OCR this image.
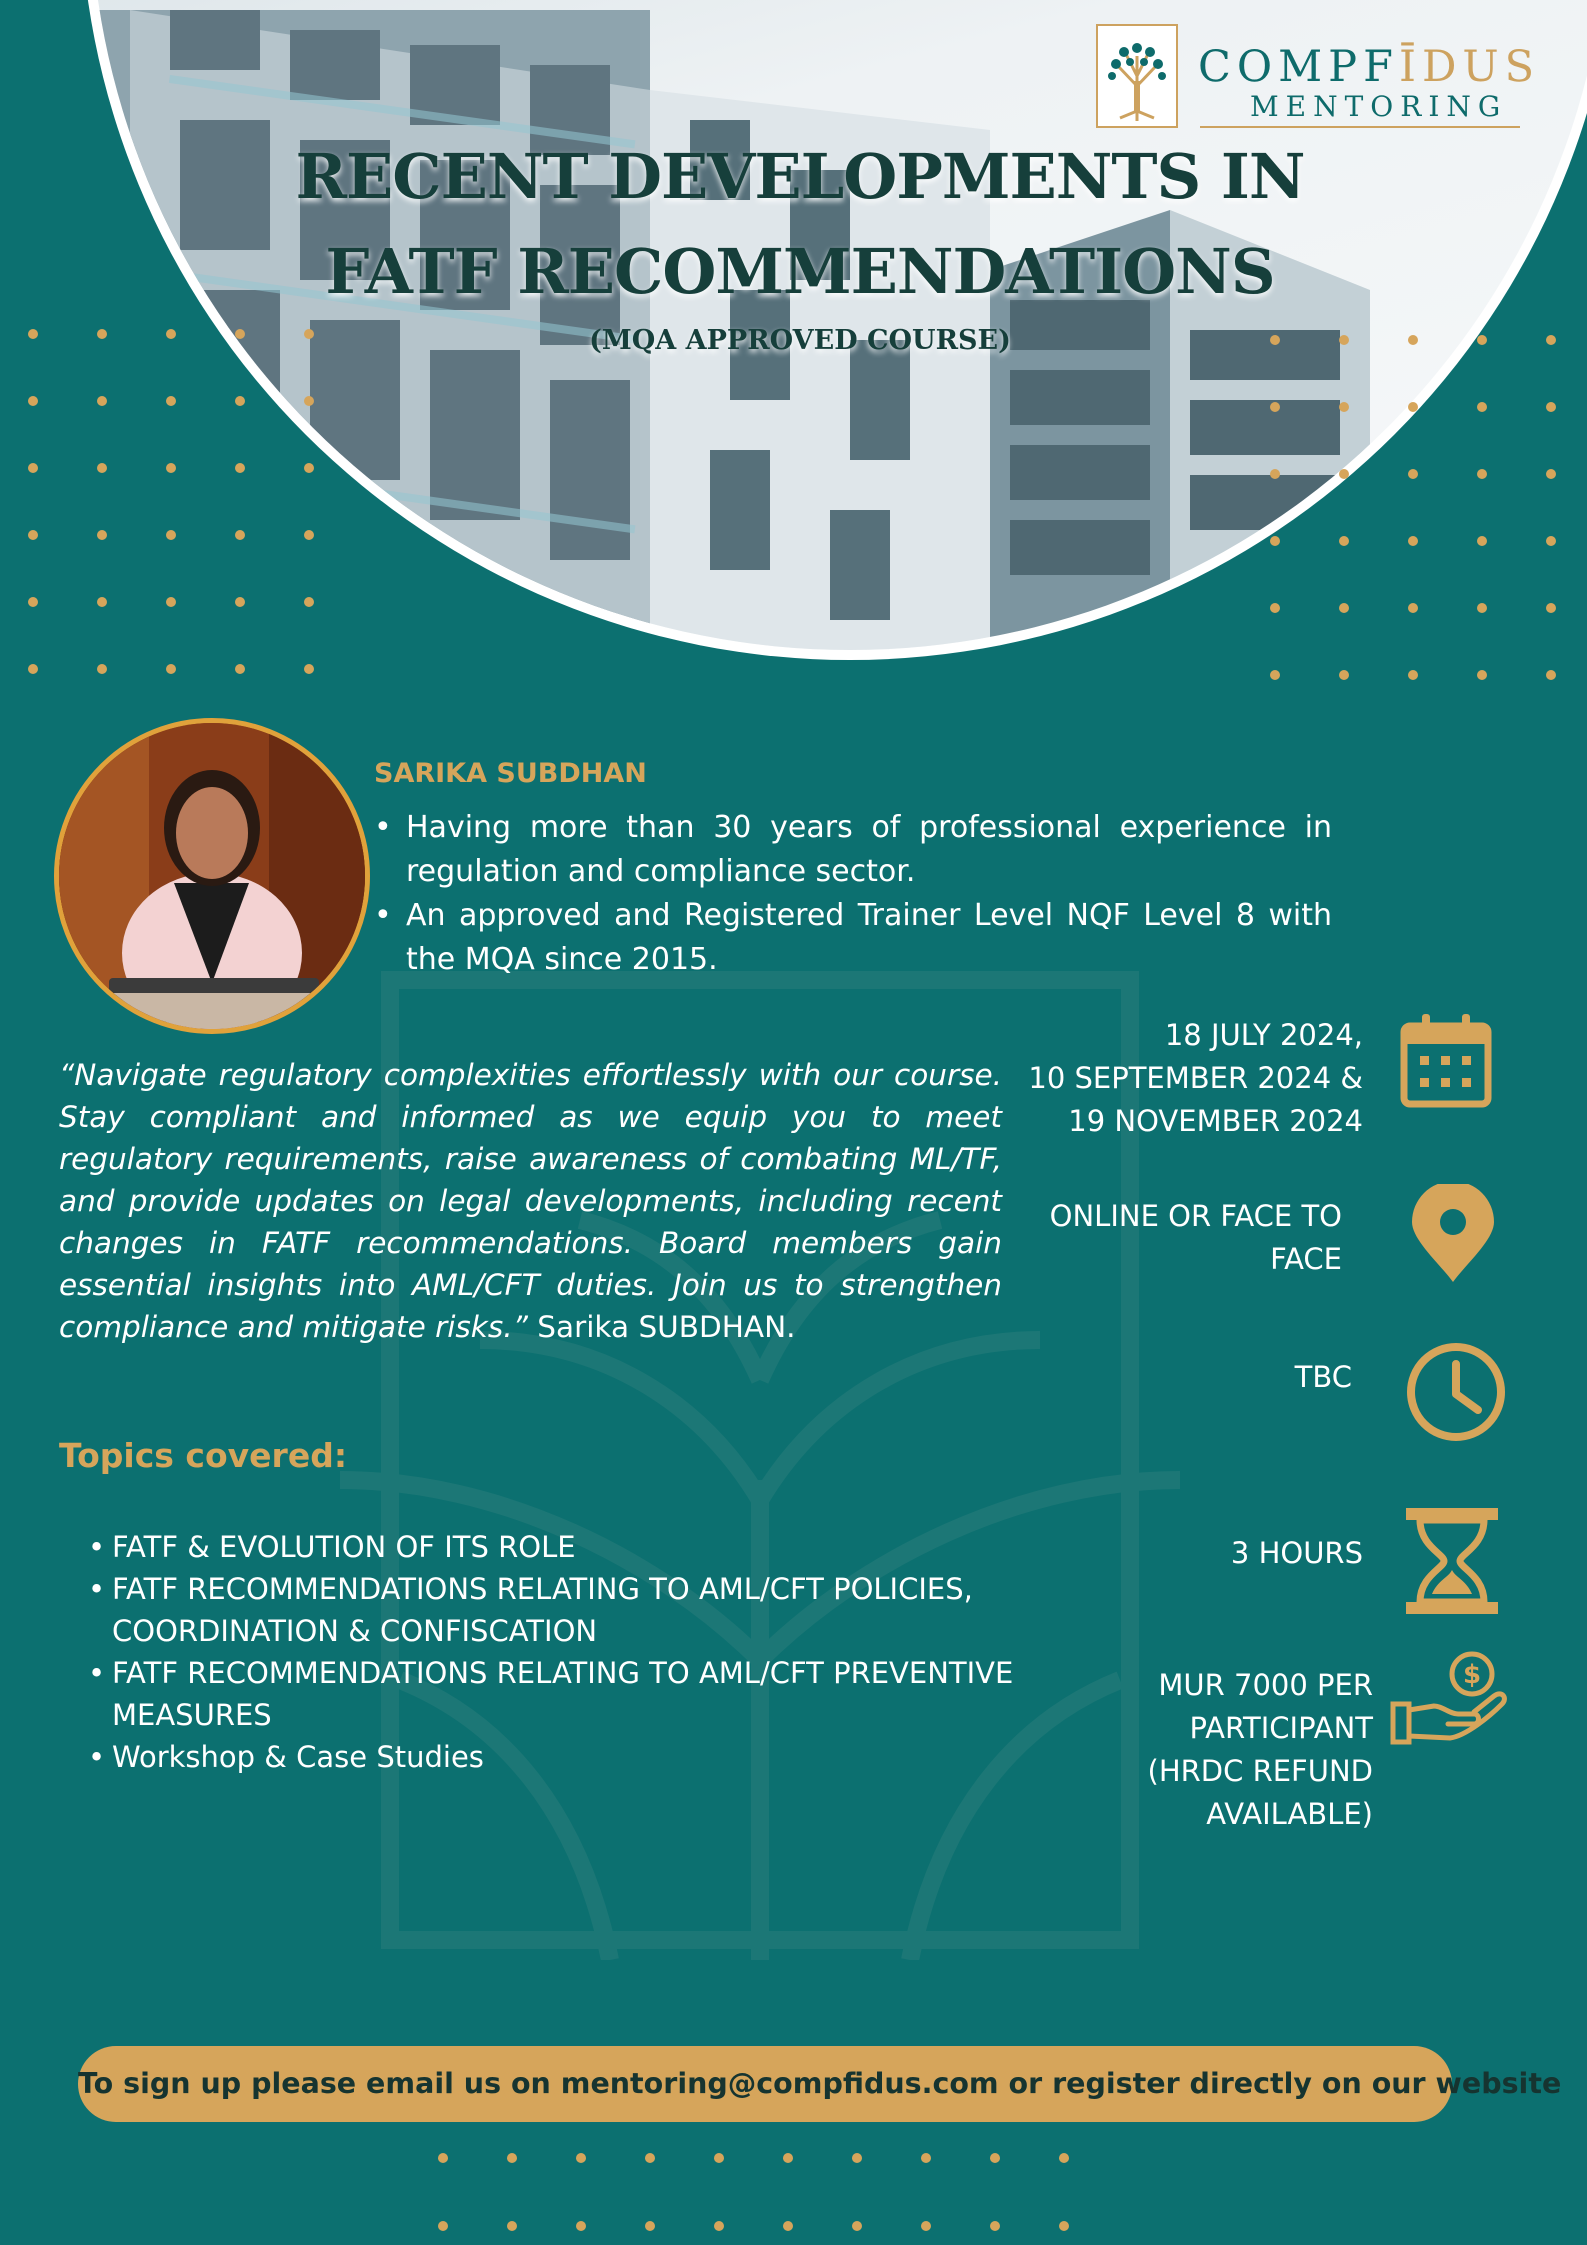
RECENT DEVELOPMENTS IN
FATF RECOMMENDATIONS
(MQA APPROVED COURSE)
COMPFĪDUS
MENTORING
SARIKA SUBDHAN
• Having more than 30 years of professional experience in regulation and compliance sector.
• An approved and Registered Trainer Level NQF Level 8 with the MQA since 2015.
“Navigate regulatory complexities effortlessly with our course. Stay compliant and informed as we equip you to meet regulatory requirements, raise awareness of combating ML/TF, and provide updates on legal developments, including recent changes in FATF recommendations. Board members gain essential insights into AML/CFT duties. Join us to strengthen compliance and mitigate risks.” Sarika SUBDHAN.
Topics covered:
• FATF & EVOLUTION OF ITS ROLE
• FATF RECOMMENDATIONS RELATING TO AML/CFT POLICIES, COORDINATION & CONFISCATION
• FATF RECOMMENDATIONS RELATING TO AML/CFT PREVENTIVE MEASURES
• Workshop & Case Studies
18 JULY 2024,
10 SEPTEMBER 2024 &
19 NOVEMBER 2024
ONLINE OR FACE TO
FACE
TBC
3 HOURS
MUR 7000 PER
PARTICIPANT
(HRDC REFUND
AVAILABLE)
$
To sign up please email us on mentoring@compfidus.com or register directly on our website
